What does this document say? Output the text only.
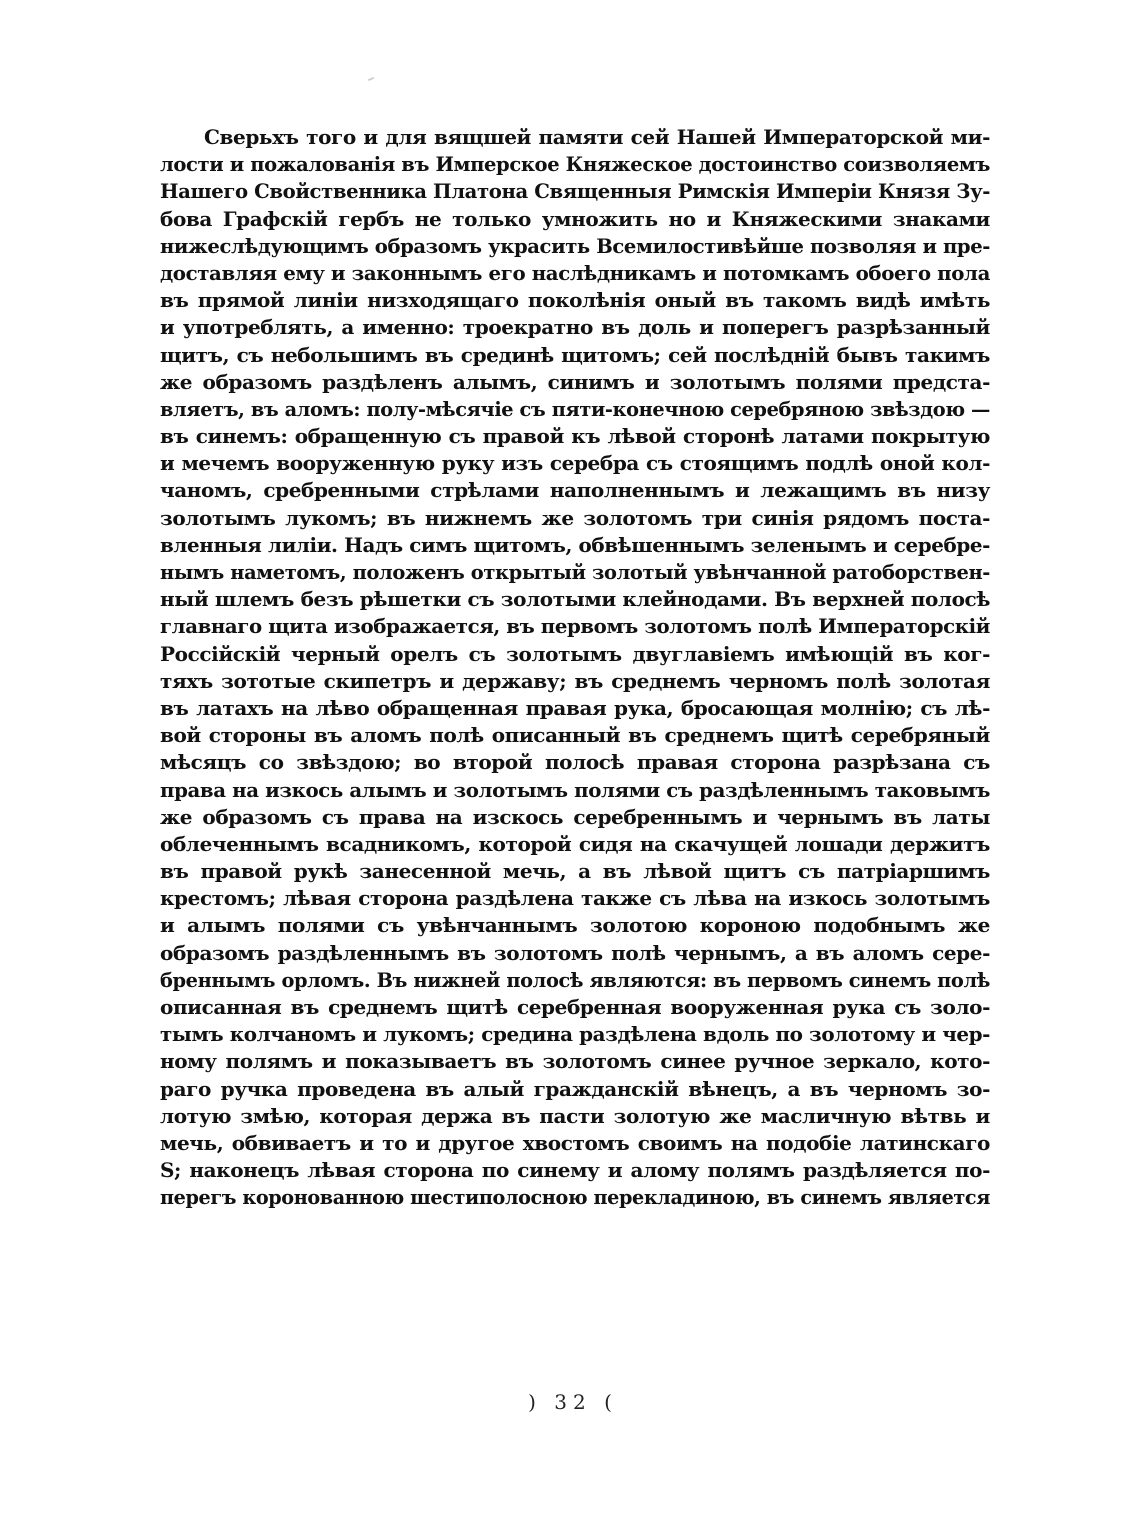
Сверьхъ того и для вящшей памяти сей Нашей Императорской ми-
лости и пожалованія въ Имперское Княжеское достоинство соизволяемъ
Нашего Свойственника Платона Священныя Римскія Имперіи Князя Зу-
бова Графскій гербъ не только умножить но и Княжескими знаками
нижеслѣдующимъ образомъ украсить Всемилостивѣйше позволяя и пре-
доставляя ему и законнымъ его наслѣдникамъ и потомкамъ обоего пола
въ прямой линіи низходящаго поколѣнія оный въ такомъ видѣ имѣть
и употреблять, а именно: троекратно въ доль и поперегъ разрѣзанный
щитъ, съ небольшимъ въ срединѣ щитомъ; сей послѣдній бывъ такимъ
же образомъ раздѣленъ алымъ, синимъ и золотымъ полями предста-
вляетъ, въ аломъ: полу-мѣсячіе съ пяти-конечною серебряною звѣздою —
въ синемъ: обращенную съ правой къ лѣвой сторонѣ латами покрытую
и мечемъ вооруженную руку изъ серебра съ стоящимъ подлѣ оной кол-
чаномъ, сребренными стрѣлами наполненнымъ и лежащимъ въ низу
золотымъ лукомъ; въ нижнемъ же золотомъ три синія рядомъ поста-
вленныя лиліи. Надъ симъ щитомъ, обвѣшеннымъ зеленымъ и серебре-
нымъ наметомъ, положенъ открытый золотый увѣнчанной ратоборствен-
ный шлемъ безъ рѣшетки съ золотыми клейнодами. Въ верхней полосѣ
главнаго щита изображается, въ первомъ золотомъ полѣ Императорскій
Россійскій черный орелъ съ золотымъ двуглавіемъ имѣющій въ ког-
тяхъ зототые скипетръ и державу; въ среднемъ черномъ полѣ золотая
въ латахъ на лѣво обращенная правая рука, бросающая молнію; съ лѣ-
вой стороны въ аломъ полѣ описанный въ среднемъ щитѣ серебряный
мѣсяцъ со звѣздою; во второй полосѣ правая сторона разрѣзана съ
права на изкось алымъ и золотымъ полями съ раздѣленнымъ таковымъ
же образомъ съ права на изскось серебреннымъ и чернымъ въ латы
облеченнымъ всадникомъ, которой сидя на скачущей лошади держитъ
въ правой рукѣ занесенной мечь, а въ лѣвой щитъ съ патріаршимъ
крестомъ; лѣвая сторона раздѣлена также съ лѣва на изкось золотымъ
и алымъ полями съ увѣнчаннымъ золотою короною подобнымъ же
образомъ раздѣленнымъ въ золотомъ полѣ чернымъ, а въ аломъ сере-
бреннымъ орломъ. Въ нижней полосѣ являются: въ первомъ синемъ полѣ
описанная въ среднемъ щитѣ серебренная вооруженная рука съ золо-
тымъ колчаномъ и лукомъ; средина раздѣлена вдоль по золотому и чер-
ному полямъ и показываетъ въ золотомъ синее ручное зеркало, кото-
раго ручка проведена въ алый гражданскій вѣнецъ, а въ черномъ зо-
лотую змѣю, которая держа въ пасти золотую же масличную вѣтвь и
мечь, обвиваетъ и то и другое хвостомъ своимъ на подобіе латинскаго
S; наконецъ лѣвая сторона по синему и алому полямъ раздѣляется по-
перегъ коронованною шестиполосною перекладиною, въ синемъ является
) 32 (
